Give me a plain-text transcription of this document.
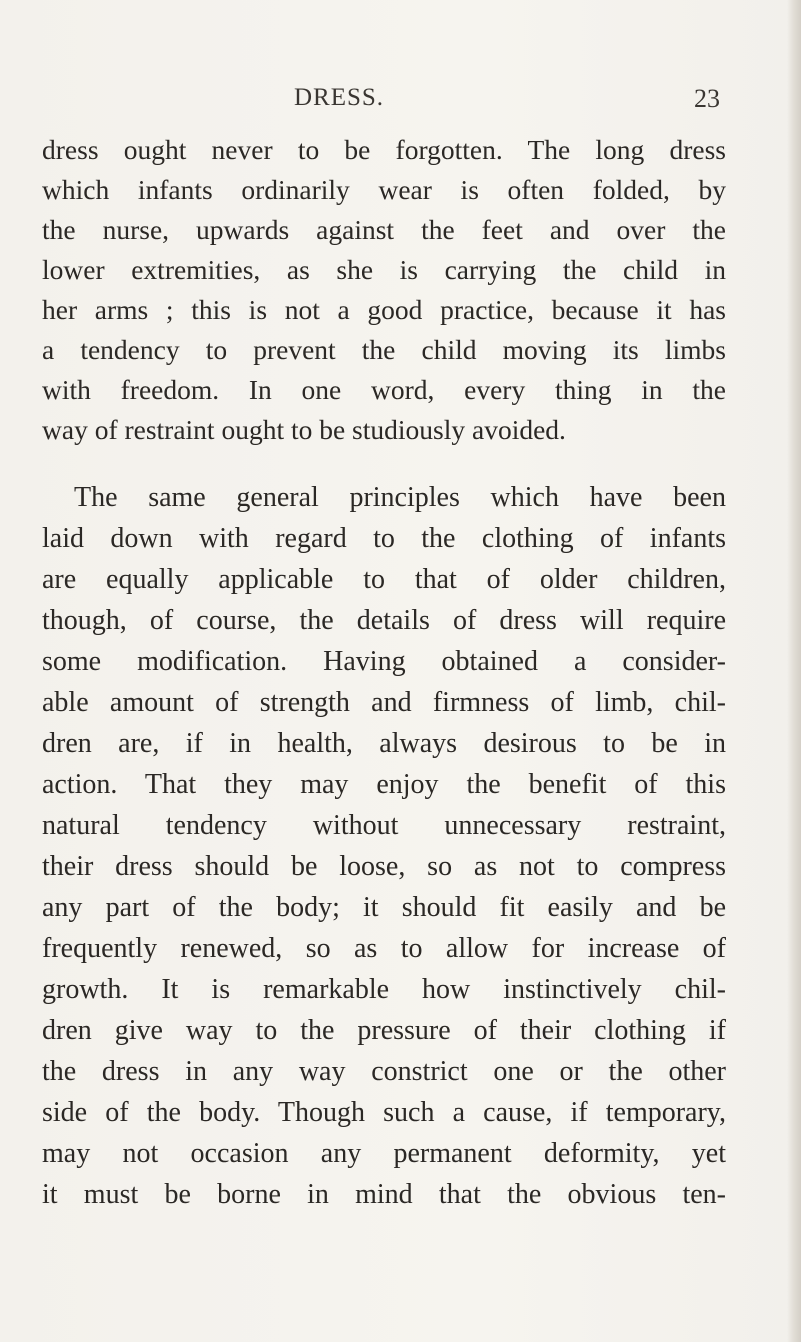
DRESS.	23
dress ought never to be forgotten. The long dress
which infants ordinarily wear is often folded, by
the nurse, upwards against the feet and over the
lower extremities, as she is carrying the child in
her arms ; this is not a good practice, because it has
a tendency to prevent the child moving its limbs
with freedom. In one word, every thing in the
way of restraint ought to be studiously avoided.
The same general principles which have been
laid down with regard to the clothing of infants
are equally applicable to that of older children,
though, of course, the details of dress will require
some modification. Having obtained a consider-
able amount of strength and firmness of limb, chil-
dren are, if in health, always desirous to be in
action. That they may enjoy the benefit of this
natural tendency without unnecessary restraint,
their dress should be loose, so as not to compress
any part of the body; it should fit easily and be
frequently renewed, so as to allow for increase of
growth. It is remarkable how instinctively chil-
dren give way to the pressure of their clothing if
the dress in any way constrict one or the other
side of the body. Though such a cause, if temporary,
may not occasion any permanent deformity, yet
it must be borne in mind that the obvious ten-
